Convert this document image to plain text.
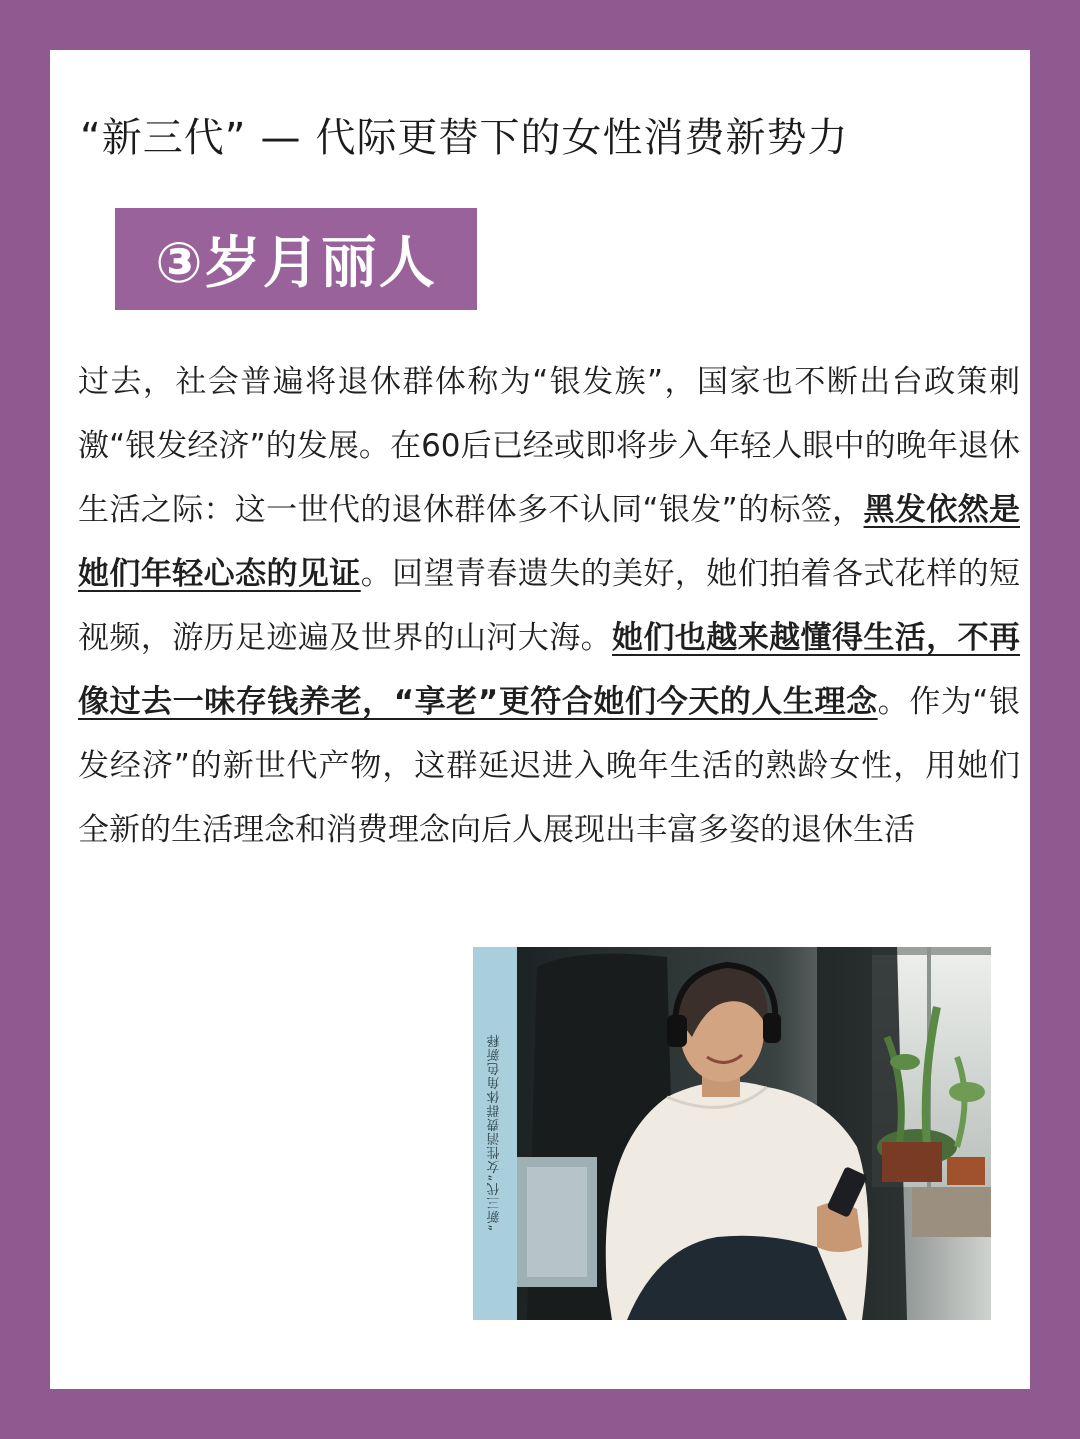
“新三代” — 代际更替下的女性消费新势力
③岁月丽人

过去，社会普遍将退休群体称为“银发族”，国家也不断出台政策刺激“银发经济”的发展。在60后已经或即将步入年轻人眼中的晚年退休生活之际：这一世代的退休群体多不认同“银发”的标签，黑发依然是她们年轻心态的见证。回望青春遗失的美好，她们拍着各式花样的短视频，游历足迹遍及世界的山河大海。她们也越来越懂得生活，不再像过去一味存钱养老，“享老”更符合她们今天的人生理念。作为“银发经济”的新世代产物，这群延迟进入晚年生活的熟龄女性，用她们全新的生活理念和消费理念向后人展现出丰富多姿的退休生活

“新三代”女性消费群体角色新释
